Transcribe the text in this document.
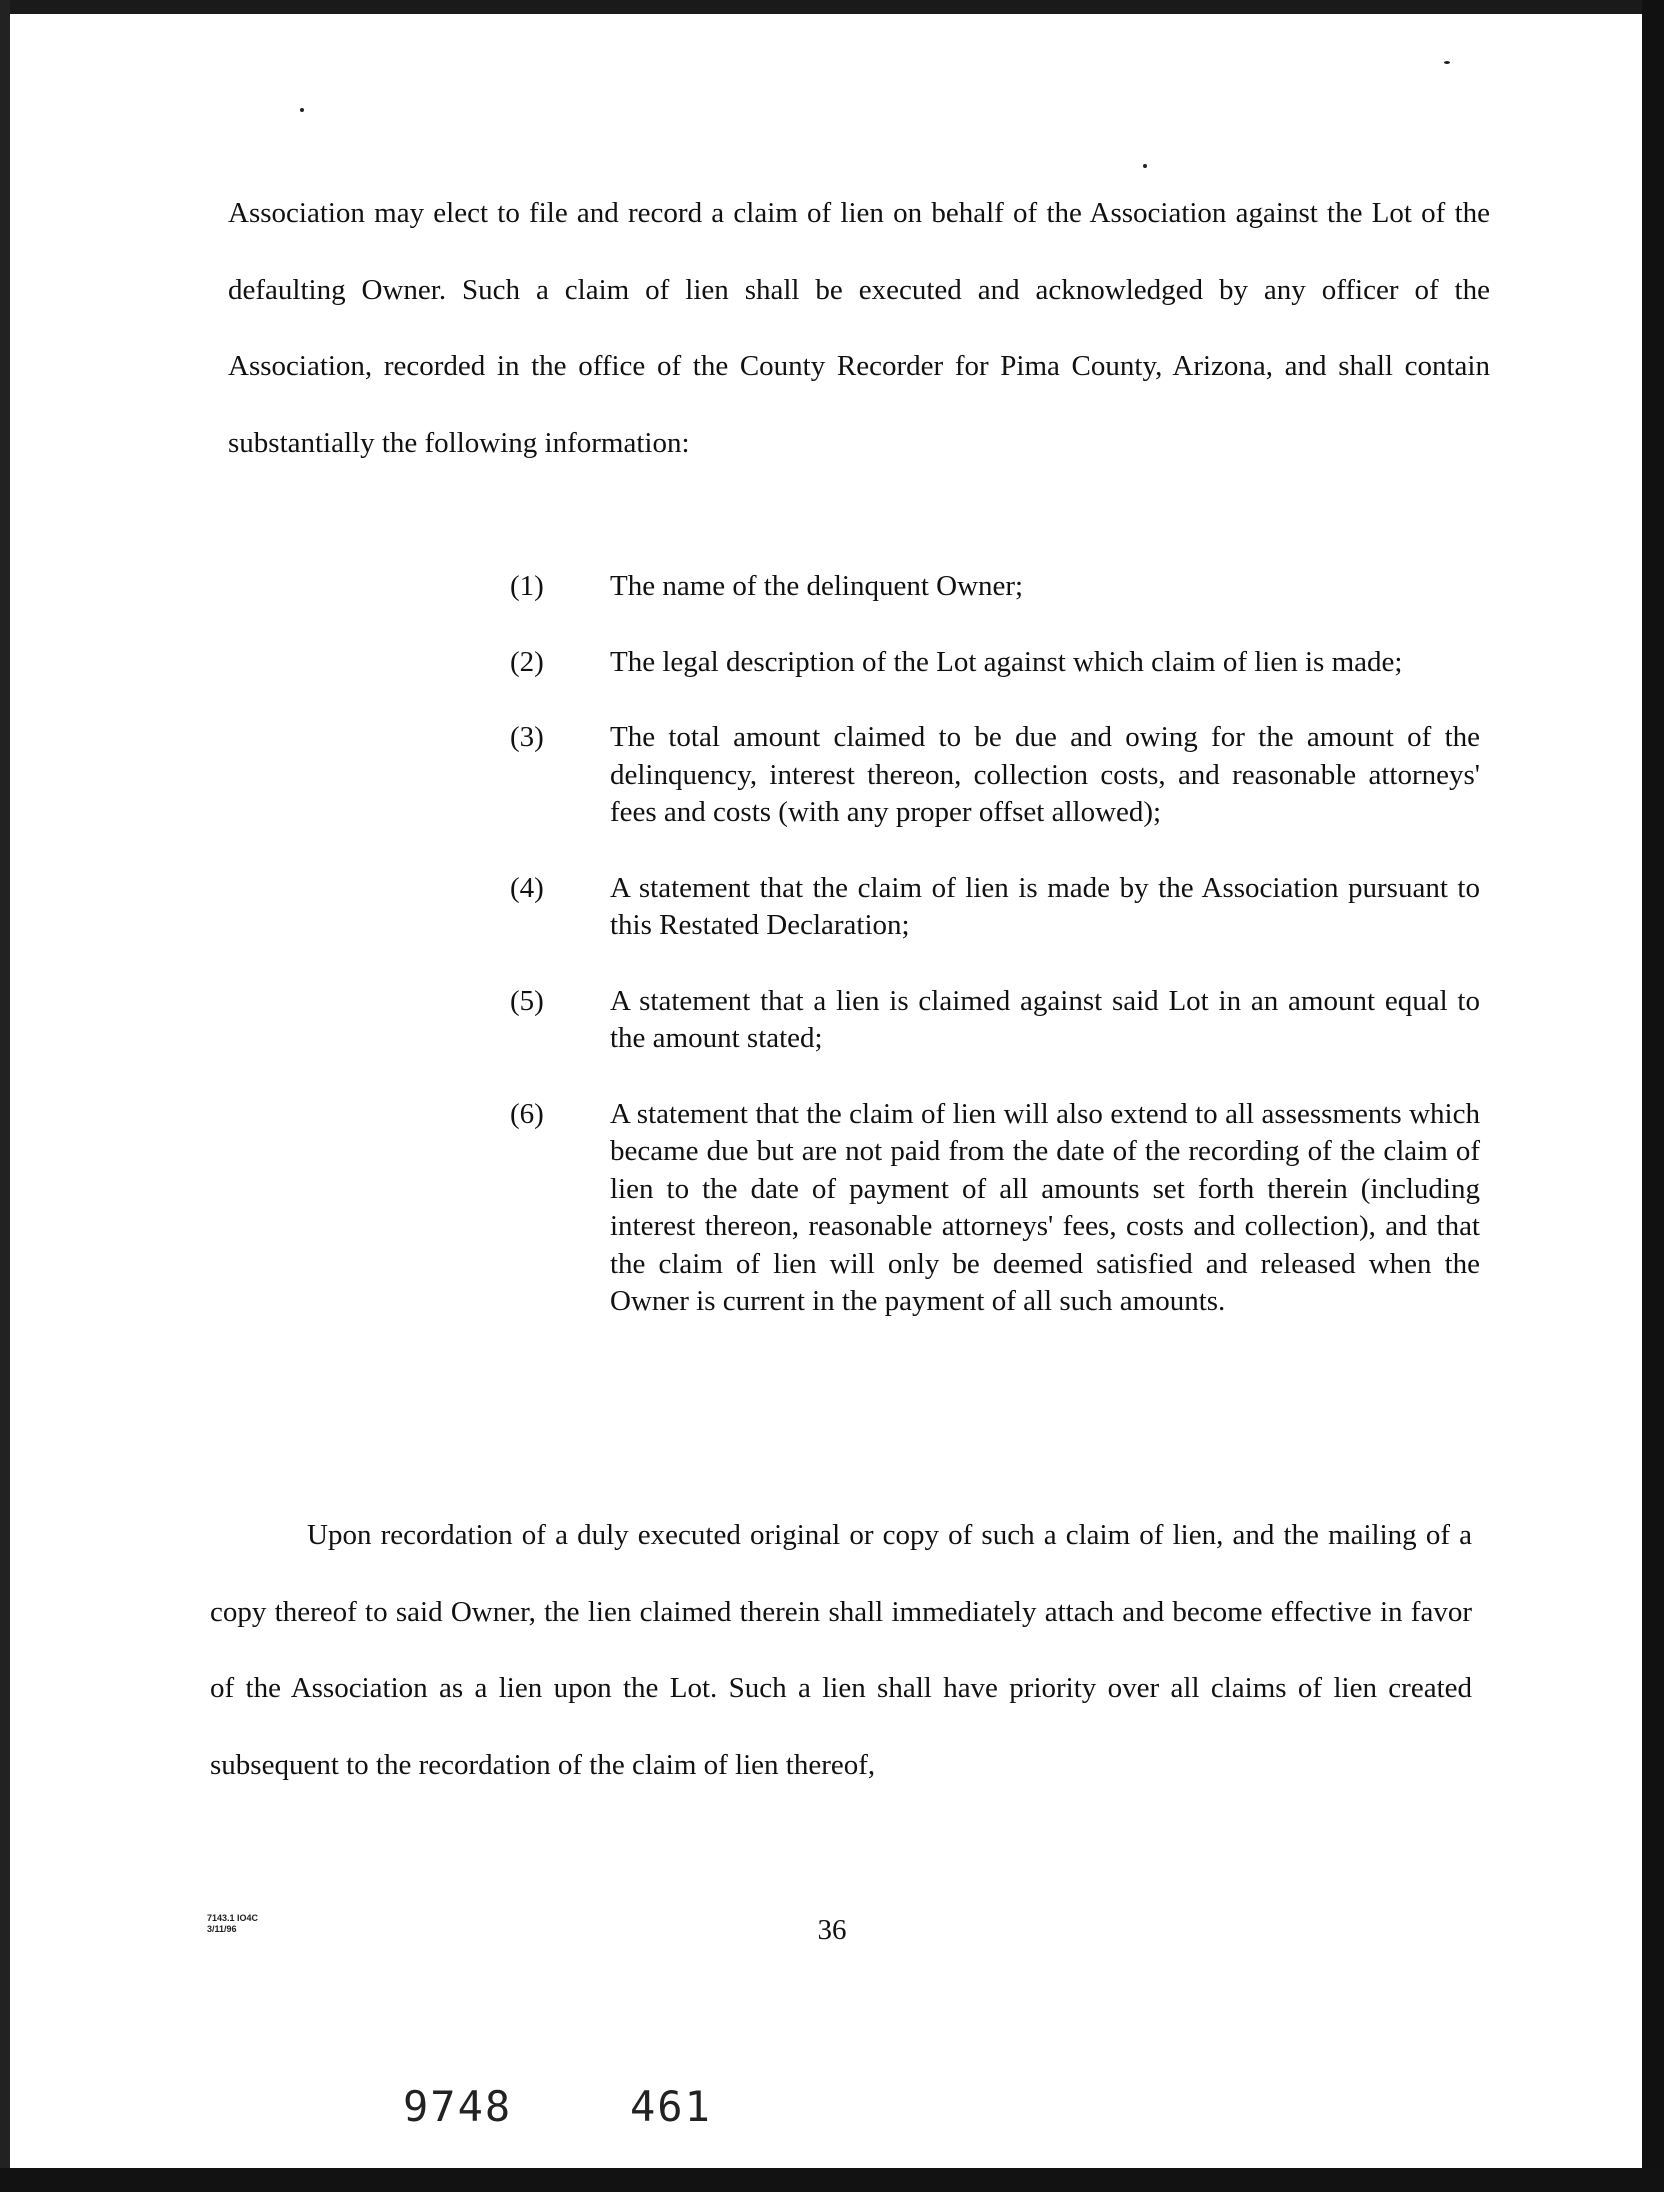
Association may elect to file and record a claim of lien on behalf of the Association against the Lot of the defaulting Owner. Such a claim of lien shall be executed and acknowledged by any officer of the Association, recorded in the office of the County Recorder for Pima County, Arizona, and shall contain substantially the following information:

(1)	The name of the delinquent Owner;
(2)	The legal description of the Lot against which claim of lien is made;
(3)	The total amount claimed to be due and owing for the amount of the delinquency, interest thereon, collection costs, and reasonable attorneys' fees and costs (with any proper offset allowed);
(4)	A statement that the claim of lien is made by the Association pursuant to this Restated Declaration;
(5)	A statement that a lien is claimed against said Lot in an amount equal to the amount stated;
(6)	A statement that the claim of lien will also extend to all assessments which became due but are not paid from the date of the recording of the claim of lien to the date of payment of all amounts set forth therein (including interest thereon, reasonable attorneys' fees, costs and collection), and that the claim of lien will only be deemed satisfied and released when the Owner is current in the payment of all such amounts.

Upon recordation of a duly executed original or copy of such a claim of lien, and the mailing of a copy thereof to said Owner, the lien claimed therein shall immediately attach and become effective in favor of the Association as a lien upon the Lot. Such a lien shall have priority over all claims of lien created subsequent to the recordation of the claim of lien thereof,

7143.1 IO4C
3/11/96	36
9748	461
